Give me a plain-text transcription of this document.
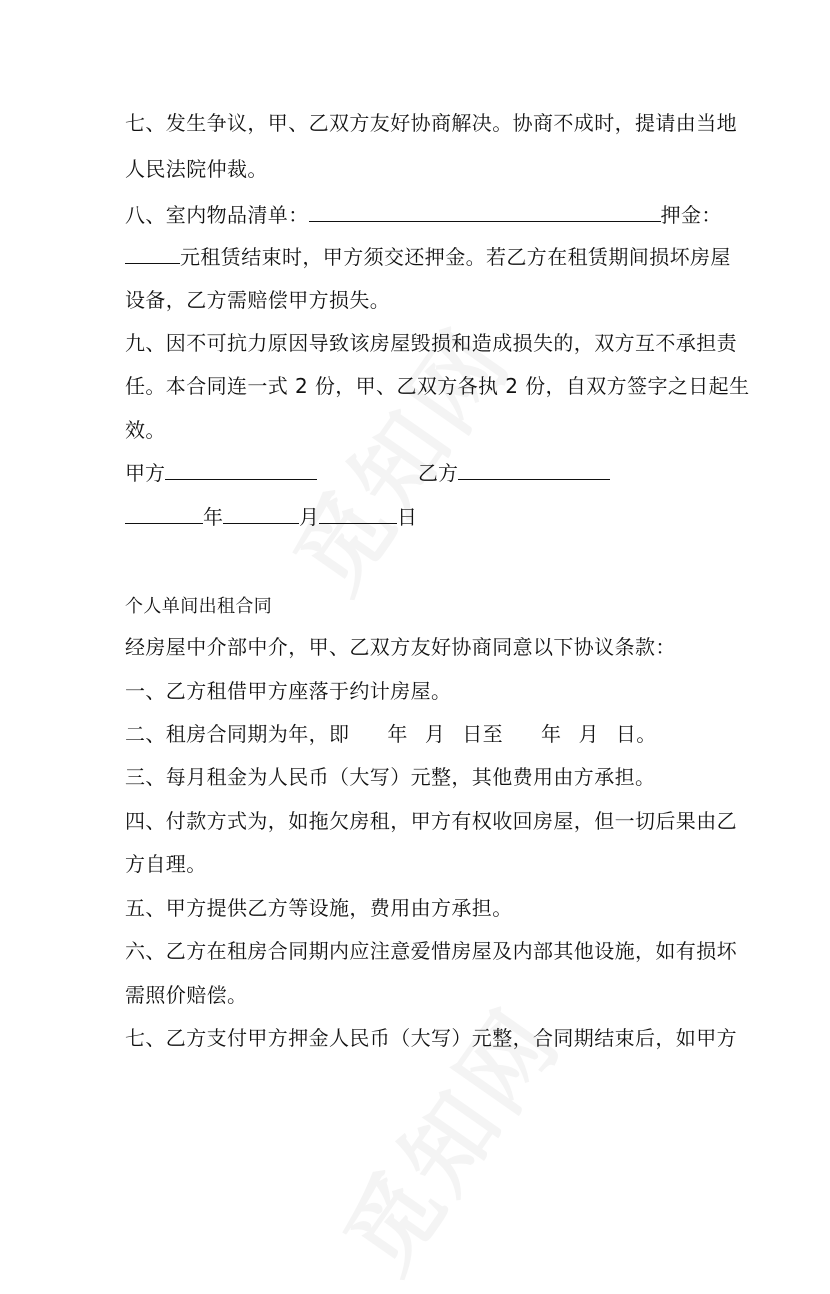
七、发生争议，甲、乙双方友好协商解决。协商不成时，提请由当地
人民法院仲裁。
八、室内物品清单：	押金：
元租赁结束时，甲方须交还押金。若乙方在租赁期间损坏房屋
设备，乙方需赔偿甲方损失。
九、因不可抗力原因导致该房屋毁损和造成损失的，双方互不承担责
任。本合同连一式 2 份，甲、乙双方各执 2 份，自双方签字之日起生
效。
甲方	乙方
年	月	日
个人单间出租合同
经房屋中介部中介，甲、乙双方友好协商同意以下协议条款：
一、乙方租借甲方座落于约计房屋。
二、租房合同期为年，即 年 月 日至 年 月 日。
三、每月租金为人民币（大写）元整，其他费用由方承担。
四、付款方式为，如拖欠房租，甲方有权收回房屋，但一切后果由乙
方自理。
五、甲方提供乙方等设施，费用由方承担。
六、乙方在租房合同期内应注意爱惜房屋及内部其他设施，如有损坏
需照价赔偿。
七、乙方支付甲方押金人民币（大写）元整，合同期结束后，如甲方
